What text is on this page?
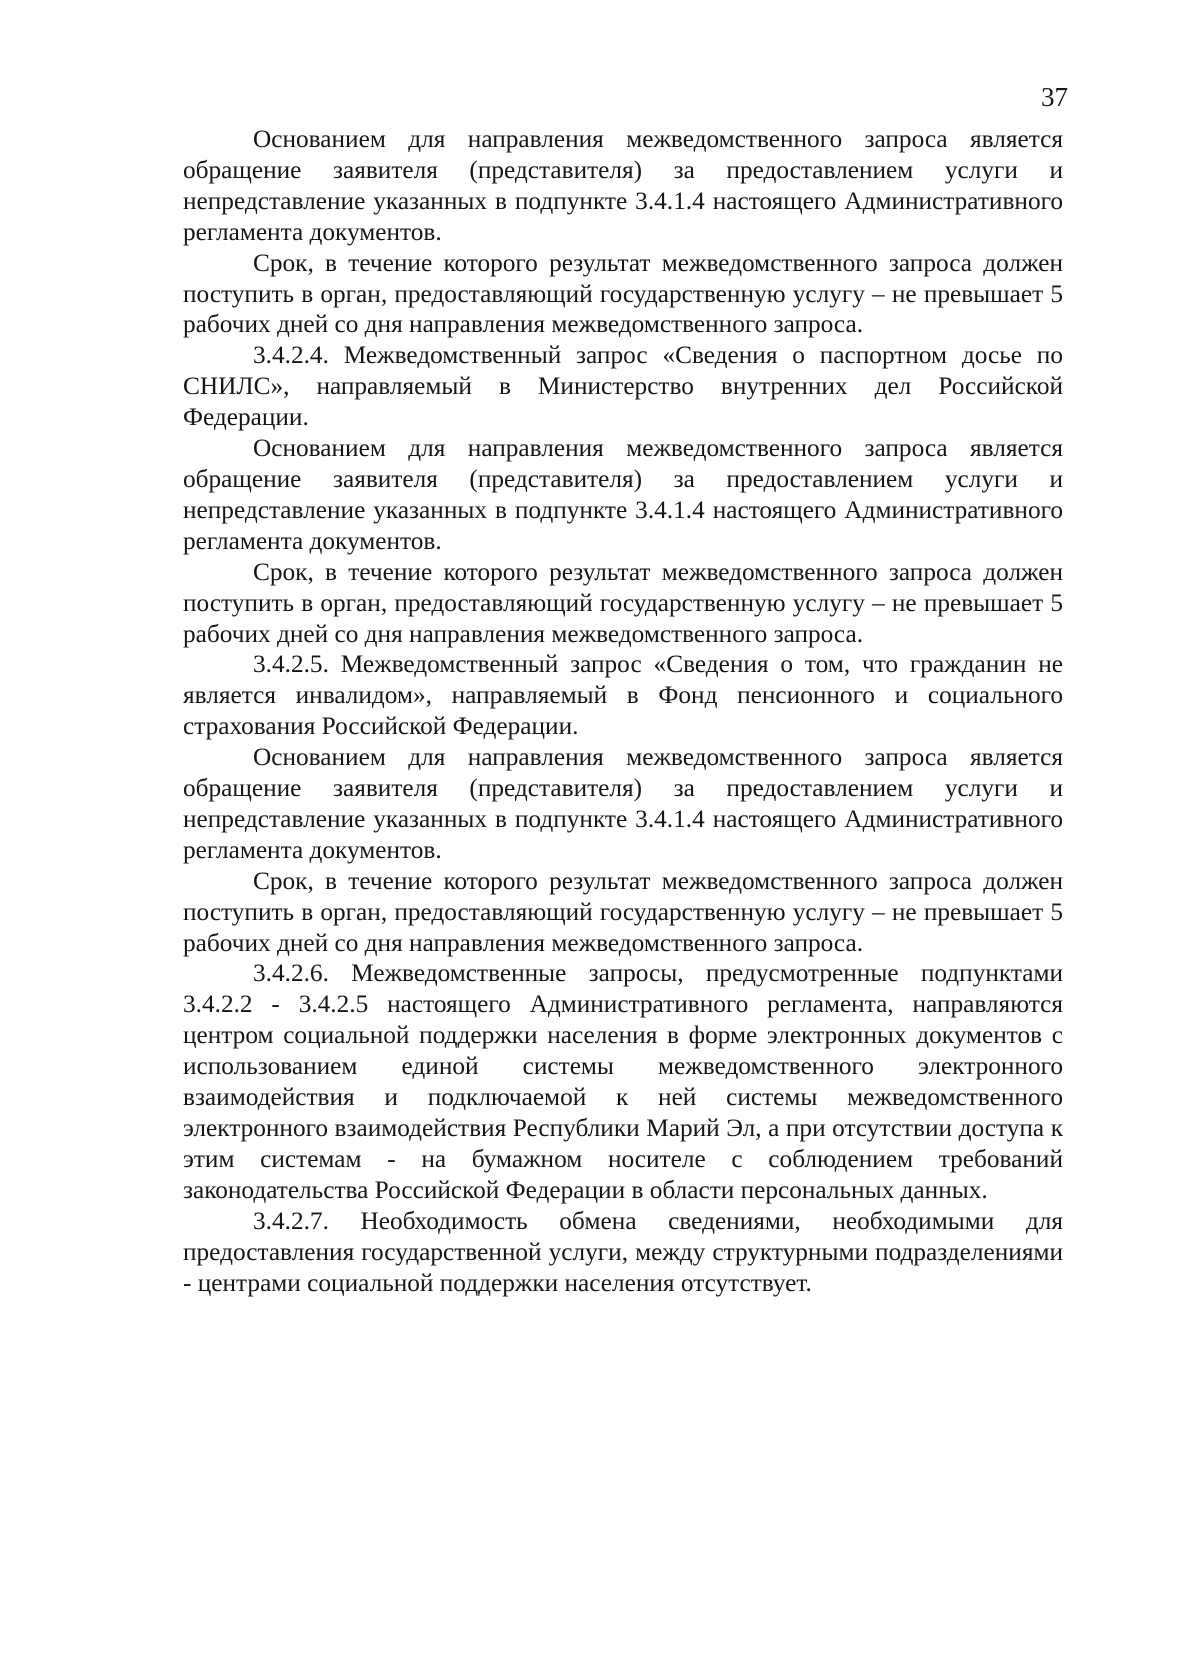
37

Основанием для направления межведомственного запроса является обращение заявителя (представителя) за предоставлением услуги и непредставление указанных в подпункте 3.4.1.4 настоящего Административного регламента документов.

Срок, в течение которого результат межведомственного запроса должен поступить в орган, предоставляющий государственную услугу – не превышает 5 рабочих дней со дня направления межведомственного запроса.

3.4.2.4. Межведомственный запрос «Сведения о паспортном досье по СНИЛС», направляемый в Министерство внутренних дел Российской Федерации.

Основанием для направления межведомственного запроса является обращение заявителя (представителя) за предоставлением услуги и непредставление указанных в подпункте 3.4.1.4 настоящего Административного регламента документов.

Срок, в течение которого результат межведомственного запроса должен поступить в орган, предоставляющий государственную услугу – не превышает 5 рабочих дней со дня направления межведомственного запроса.

3.4.2.5. Межведомственный запрос «Сведения о том, что гражданин не является инвалидом», направляемый в Фонд пенсионного и социального страхования Российской Федерации.

Основанием для направления межведомственного запроса является обращение заявителя (представителя) за предоставлением услуги и непредставление указанных в подпункте 3.4.1.4 настоящего Административного регламента документов.

Срок, в течение которого результат межведомственного запроса должен поступить в орган, предоставляющий государственную услугу – не превышает 5 рабочих дней со дня направления межведомственного запроса.

3.4.2.6. Межведомственные запросы, предусмотренные подпунктами 3.4.2.2 - 3.4.2.5 настоящего Административного регламента, направляются центром социальной поддержки населения в форме электронных документов с использованием единой системы межведомственного электронного взаимодействия и подключаемой к ней системы межведомственного электронного взаимодействия Республики Марий Эл, а при отсутствии доступа к этим системам - на бумажном носителе с соблюдением требований законодательства Российской Федерации в области персональных данных.

3.4.2.7. Необходимость обмена сведениями, необходимыми для предоставления государственной услуги, между структурными подразделениями - центрами социальной поддержки населения отсутствует.
